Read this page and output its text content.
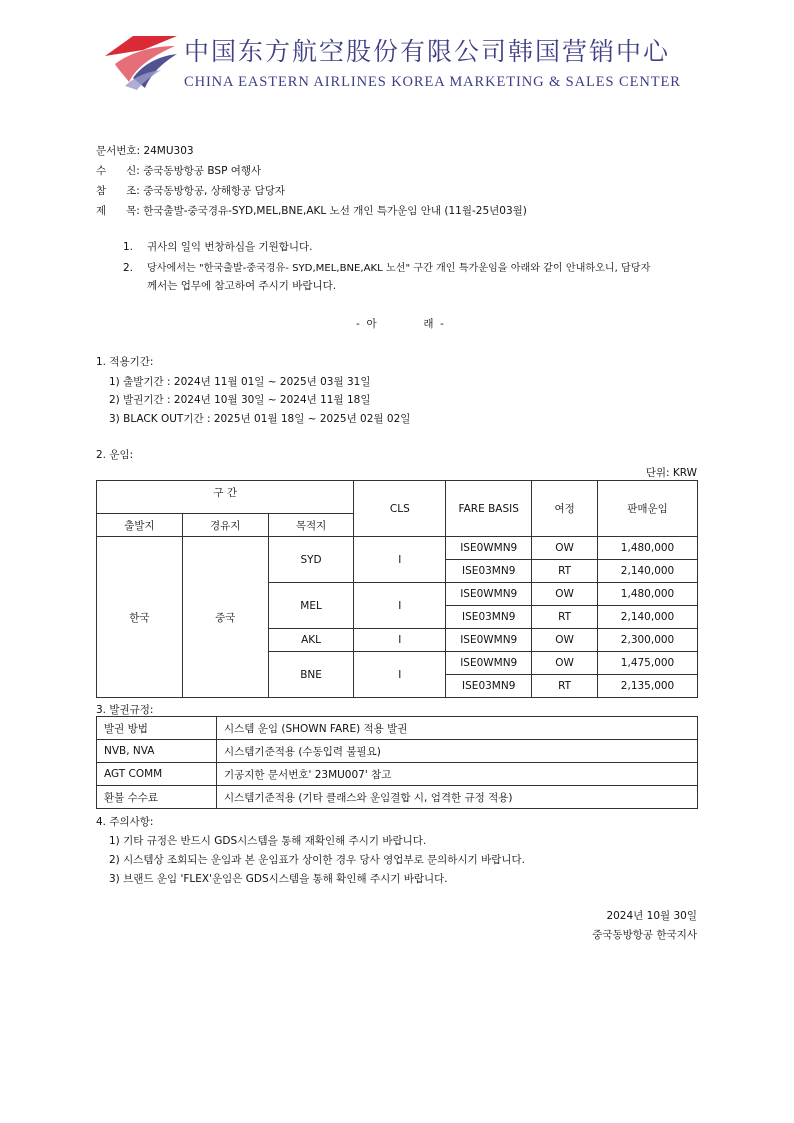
中国东方航空股份有限公司韩国营销中心
CHINA EASTERN AIRLINES KOREA MARKETING & SALES CENTER
문서번호: 24MU303
수      신: 중국동방항공 BSP 여행사
참      조: 중국동방항공, 상해항공 담당자
제      목: 한국출발-중국경유-SYD,MEL,BNE,AKL 노선 개인 특가운임 안내 (11월-25년03월)
1. 귀사의 일익 번창하심을 기원합니다.
2. 당사에서는 "한국출발-중국경유- SYD,MEL,BNE,AKL 노선" 구간 개인 특가운임을 아래와 같이 안내하오니, 담당자
께서는 업무에 참고하여 주시기 바랍니다.
-  아              래  -
1. 적용기간:
1) 출발기간 : 2024년 11월 01일 ~ 2025년 03월 31일
2) 발권기간 : 2024년 10월 30일 ~ 2024년 11월 18일
3) BLACK OUT기간 : 2025년 01월 18일 ~ 2025년 02월 02일
2. 운임:
단위: KRW
구 간			CLS	FARE BASIS	여정	판매운임
출발지	경유지	목적지				
한국	중국	SYD	I	ISE0WMN9	OW	1,480,000
				ISE03MN9	RT	2,140,000
		MEL	I	ISE0WMN9	OW	1,480,000
				ISE03MN9	RT	2,140,000
		AKL	I	ISE0WMN9	OW	2,300,000
		BNE	I	ISE0WMN9	OW	1,475,000
				ISE03MN9	RT	2,135,000
3. 발권규정:
발권 방법	시스템 운임 (SHOWN FARE) 적용 발권
NVB, NVA	시스템기준적용 (수동입력 불필요)
AGT COMM	기공지한 문서번호' 23MU007' 참고
환불 수수료	시스템기준적용 (기타 클래스와 운임결합 시, 엄격한 규정 적용)
4. 주의사항:
1) 기타 규정은 반드시 GDS시스템을 통해 재확인해 주시기 바랍니다.
2) 시스템상 조회되는 운임과 본 운임표가 상이한 경우 당사 영업부로 문의하시기 바랍니다.
3) 브랜드 운임 'FLEX'운임은 GDS시스템을 통해 확인해 주시기 바랍니다.
2024년 10월 30일
중국동방항공 한국지사
